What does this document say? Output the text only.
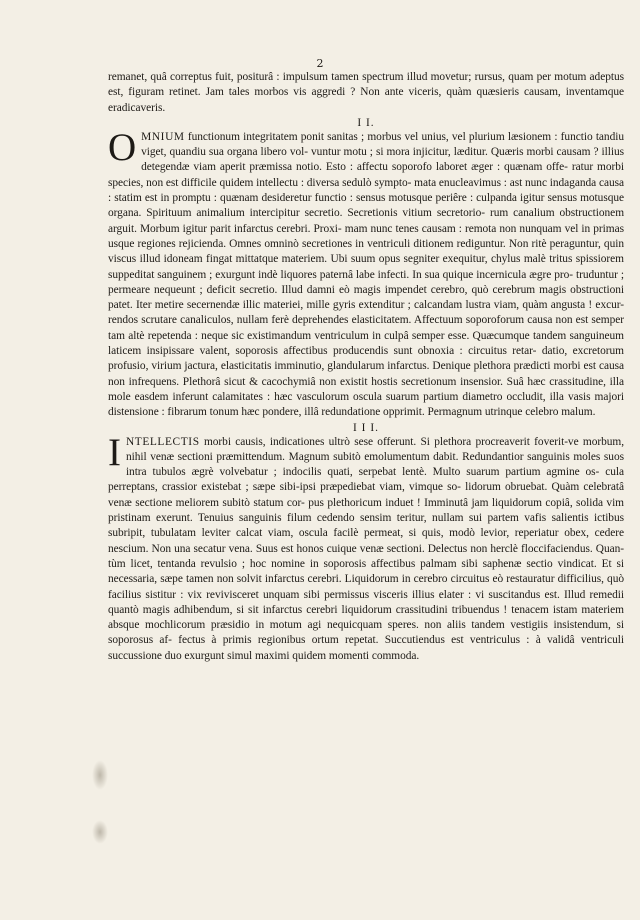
2

remanet, quâ correptus fuit, positurâ : impulsum tamen spectrum illud movetur; rursus, quam per motum adeptus est, figuram retinet. Jam tales morbos vis aggredi ? Non ante viceris, quàm quæsieris causam, inventamque eradicaveris.

I I.

OMNIUM functionum integritatem ponit sanitas ; morbus vel unius, vel plurium læsionem : functio tandiu viget, quandiu sua organa libero vol- vuntur motu ; si mora injicitur, læditur. Quæris morbi causam ? illius detegendæ viam aperit præmissa notio. Esto : affectu soporofo laboret æger : quænam offe- ratur morbi species, non est difficile quidem intellectu : diversa sedulò sympto- mata enucleavimus : ast nunc indaganda causa : statim est in promptu : quænam desideretur functio : sensus motusque periêre : culpanda igitur sensus motusque organa. Spirituum animalium intercipitur secretio. Secretionis vitium secretorio- rum canalium obstructionem arguit. Morbum igitur parit infarctus cerebri. Proxi- mam nunc tenes causam : remota non nunquam vel in primas usque regiones rejicienda. Omnes omninò secretiones in ventriculi ditionem rediguntur. Non ritè peraguntur, quin viscus illud idoneam fingat mittatque materiem. Ubi suum opus segniter exequitur, chylus malè tritus spissiorem suppeditat sanguinem ; exurgunt indè liquores paternâ labe infecti. In sua quique incernicula ægre pro- truduntur ; permeare nequeunt ; deficit secretio. Illud damni eò magis impendet cerebro, quò cerebrum magis obstructioni patet. Iter metire secernendæ illic materiei, mille gyris extenditur ; calcandam lustra viam, quàm angusta ! excur- rendos scrutare canaliculos, nullam ferè deprehendes elasticitatem. Affectuum soporoforum causa non est semper tam altè repetenda : neque sic existimandum ventriculum in culpâ semper esse. Quæcumque tandem sanguineum laticem insipissare valent, soporosis affectibus producendis sunt obnoxia : circuitus retar- datio, excretorum profusio, virium jactura, elasticitatis imminutio, glandularum infarctus. Denique plethora prædicti morbi est causa non infrequens. Plethorâ sicut & cacochymiâ non existit hostis secretionum insensior. Suâ hæc crassitudine, illa mole easdem inferunt calamitates : hæc vasculorum oscula suarum partium diametro occludit, illa vasis majori distensione : fibrarum tonum hæc pondere, illâ redundatione opprimit. Permagnum utrinque celebro malum.

I I I.

INTELLECTIS morbi causis, indicationes ultrò sese offerunt. Si plethora procreaverit foverit-ve morbum, nihil venæ sectioni præmittendum. Magnum subitò emolumentum dabit. Redundantior sanguinis moles suos intra tubulos ægrè volvebatur ; indocilis quati, serpebat lentè. Multo suarum partium agmine os- cula perreptans, crassior existebat ; sæpe sibi-ipsi præpediebat viam, vimque so- lidorum obruebat. Quàm celebratâ venæ sectione meliorem subitò statum cor- pus plethoricum induet ! Imminutâ jam liquidorum copiâ, solida vim pristinam exerunt. Tenuius sanguinis filum cedendo sensim teritur, nullam sui partem vafis salientis ictibus subripit, tubulatam leviter calcat viam, oscula facilè permeat, si quis, modò levior, reperiatur obex, cedere nescium. Non una secatur vena. Suus est honos cuique venæ sectioni. Delectus non herclè floccifaciendus. Quan- tùm licet, tentanda revulsio ; hoc nomine in soporosis affectibus palmam sibi saphenæ sectio vindicat. Et si necessaria, sæpe tamen non solvit infarctus cerebri. Liquidorum in cerebro circuitus eò restauratur difficilius, quò facilius sistitur : vix revivisceret unquam sibi permissus visceris illius elater : vi suscitandus est. Illud remedii quantò magis adhibendum, si sit infarctus cerebri liquidorum crassitudini tribuendus ! tenacem istam materiem absque mochlicorum præsidio in motum agi nequicquam speres. non aliis tandem vestigiis insistendum, si soporosus af- fectus à primis regionibus ortum repetat. Succutiendus est ventriculus : à validâ ventriculi succussione duo exurgunt simul maximi quidem momenti commoda.
